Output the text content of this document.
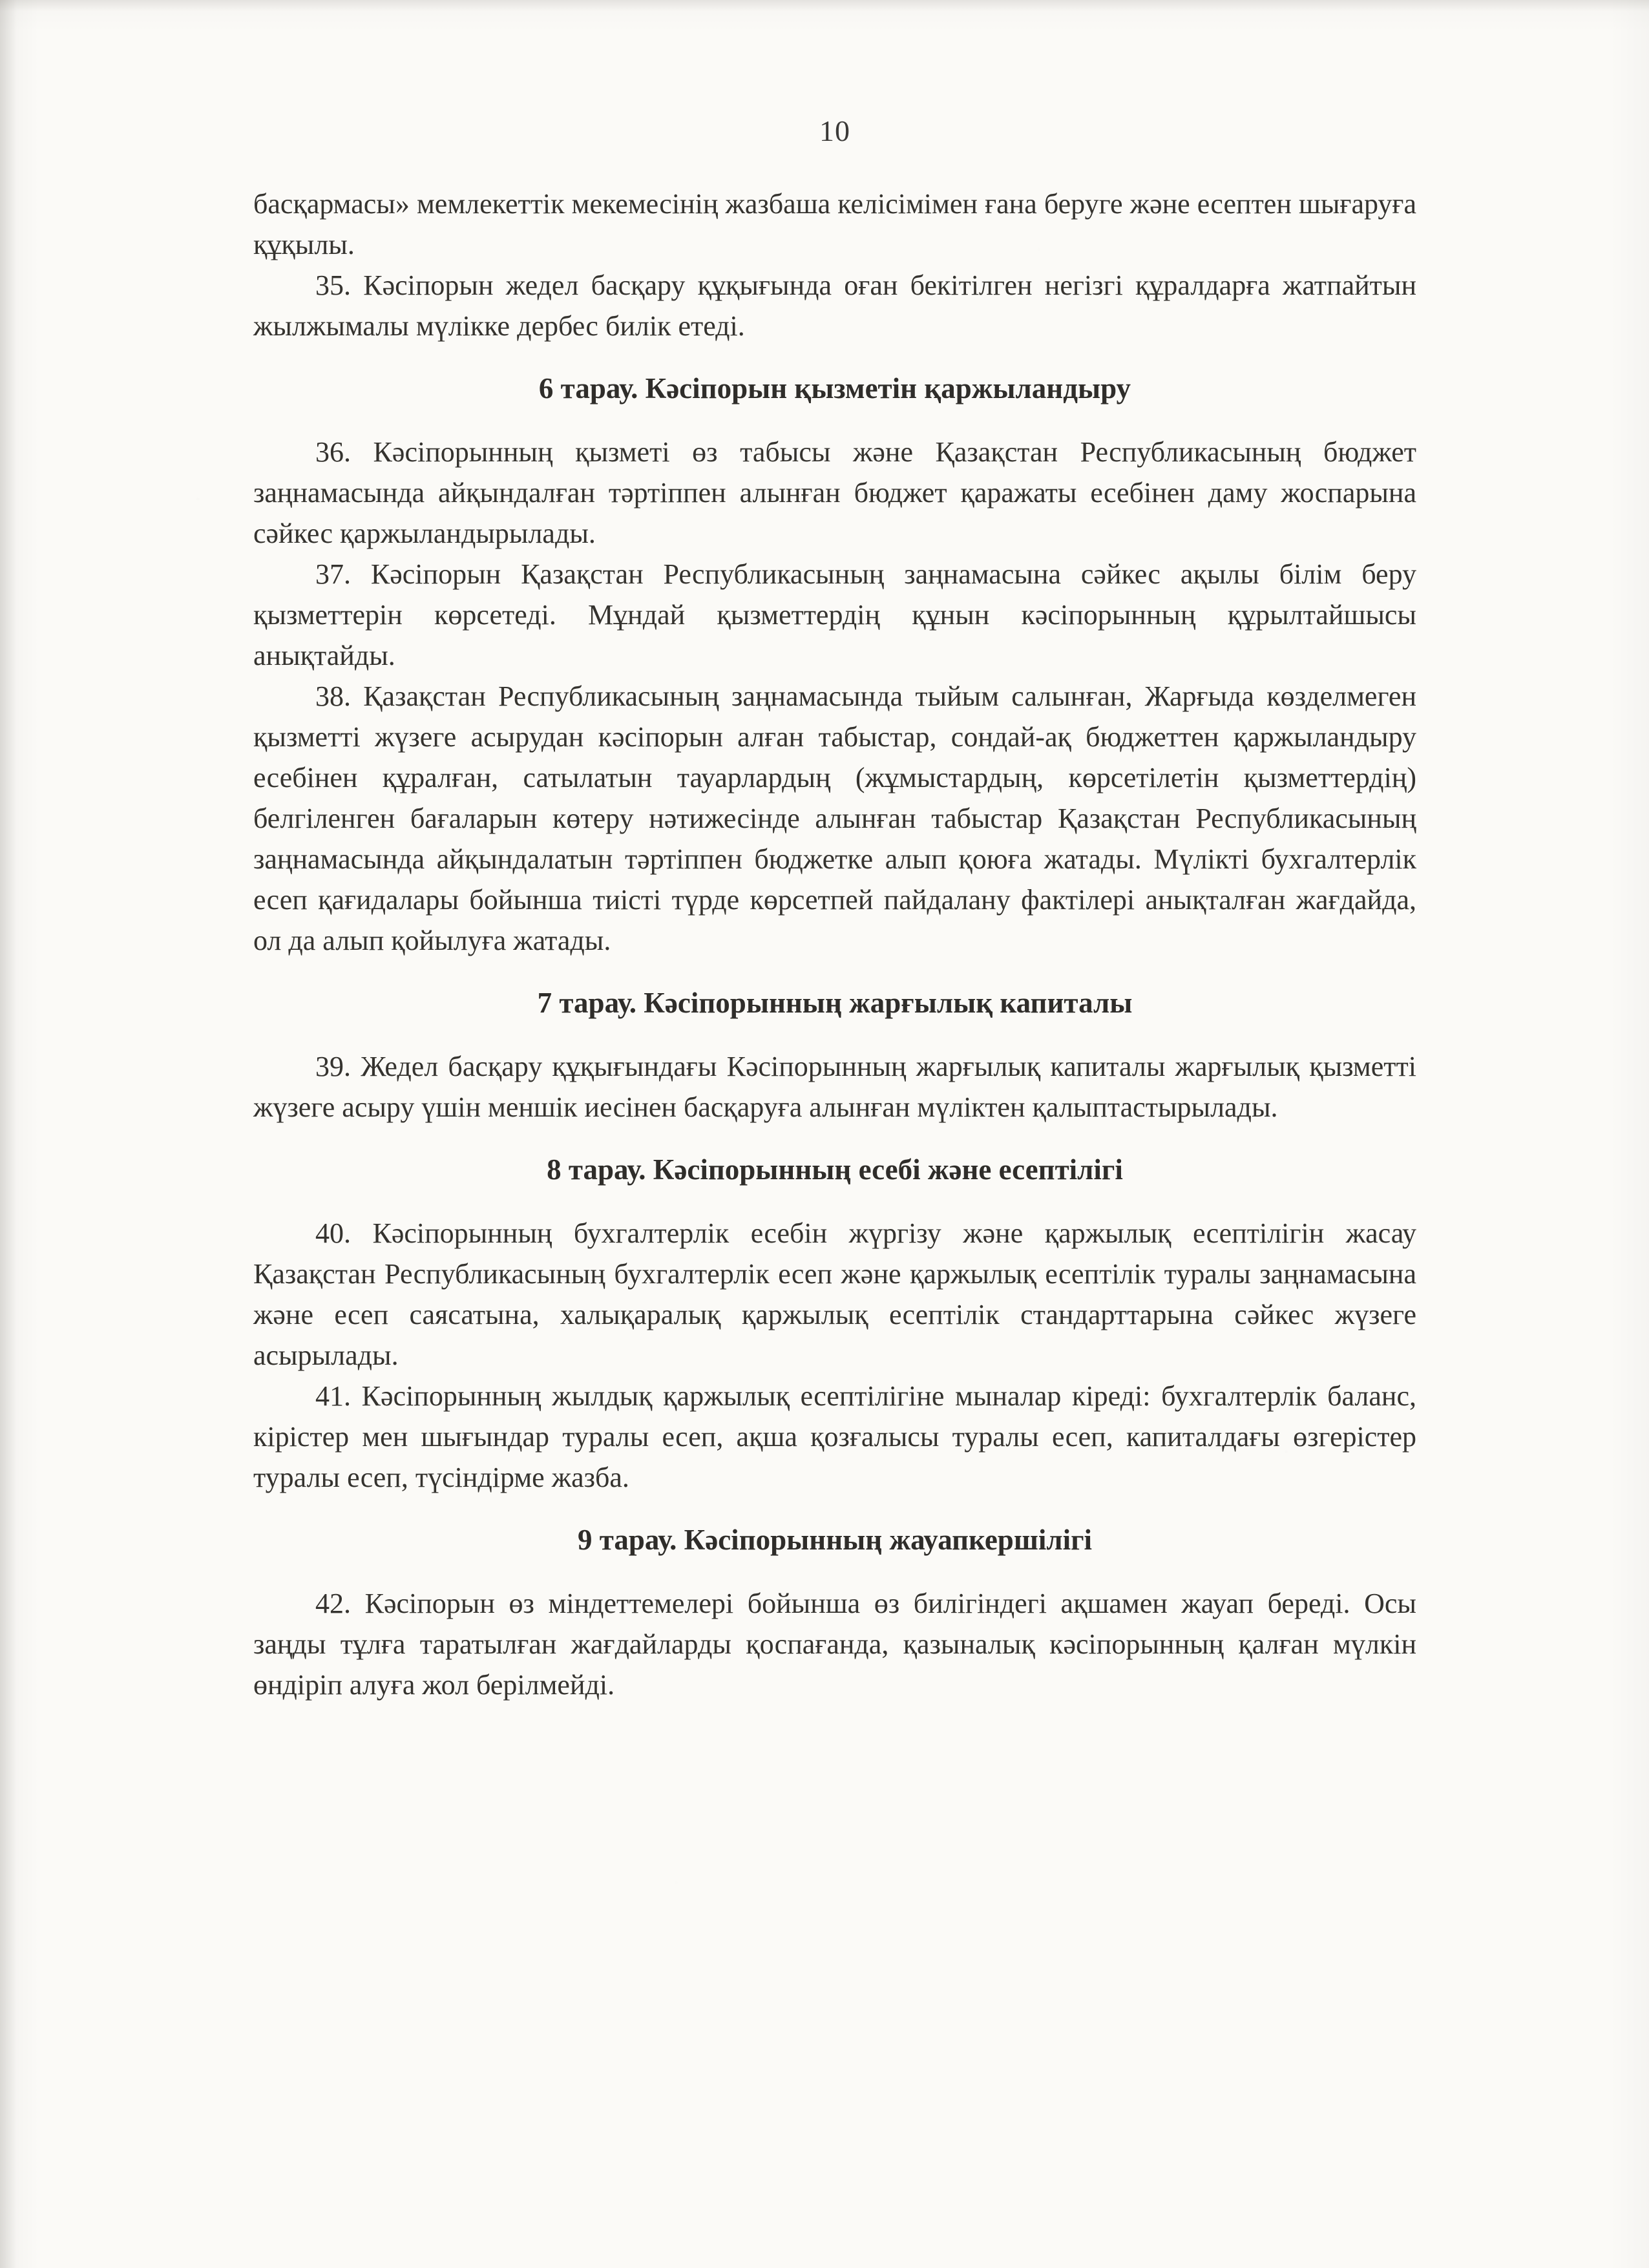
10

басқармасы» мемлекеттік мекемесінің жазбаша келісімімен ғана беруге және есептен шығаруға құқылы.

35. Кәсіпорын жедел басқару құқығында оған бекітілген негізгі құралдарға жатпайтын жылжымалы мүлікке дербес билік етеді.

6 тарау. Кәсіпорын қызметін қаржыландыру

36. Кәсіпорынның қызметі өз табысы және Қазақстан Республикасының бюджет заңнамасында айқындалған тәртіппен алынған бюджет қаражаты есебінен даму жоспарына сәйкес қаржыландырылады.

37. Кәсіпорын Қазақстан Республикасының заңнамасына сәйкес ақылы білім беру қызметтерін көрсетеді. Мұндай қызметтердің құнын кәсіпорынның құрылтайшысы анықтайды.

38. Қазақстан Республикасының заңнамасында тыйым салынған, Жарғыда көзделмеген қызметті жүзеге асырудан кәсіпорын алған табыстар, сондай-ақ бюджеттен қаржыландыру есебінен құралған, сатылатын тауарлардың (жұмыстардың, көрсетілетін қызметтердің) белгіленген бағаларын көтеру нәтижесінде алынған табыстар Қазақстан Республикасының заңнамасында айқындалатын тәртіппен бюджетке алып қоюға жатады. Мүлікті бухгалтерлік есеп қағидалары бойынша тиісті түрде көрсетпей пайдалану фактілері анықталған жағдайда, ол да алып қойылуға жатады.

7 тарау. Кәсіпорынның жарғылық капиталы

39. Жедел басқару құқығындағы Кәсіпорынның жарғылық капиталы жарғылық қызметті жүзеге асыру үшін меншік иесінен басқаруға алынған мүліктен қалыптастырылады.

8 тарау. Кәсіпорынның есебі және есептілігі

40. Кәсіпорынның бухгалтерлік есебін жүргізу және қаржылық есептілігін жасау Қазақстан Республикасының бухгалтерлік есеп және қаржылық есептілік туралы заңнамасына және есеп саясатына, халықаралық қаржылық есептілік стандарттарына сәйкес жүзеге асырылады.

41. Кәсіпорынның жылдық қаржылық есептілігіне мыналар кіреді: бухгалтерлік баланс, кірістер мен шығындар туралы есеп, ақша қозғалысы туралы есеп, капиталдағы өзгерістер туралы есеп, түсіндірме жазба.

9 тарау. Кәсіпорынның жауапкершілігі

42. Кәсіпорын өз міндеттемелері бойынша өз билігіндегі ақшамен жауап береді. Осы заңды тұлға таратылған жағдайларды қоспағанда, қазыналық кәсіпорынның қалған мүлкін өндіріп алуға жол берілмейді.
